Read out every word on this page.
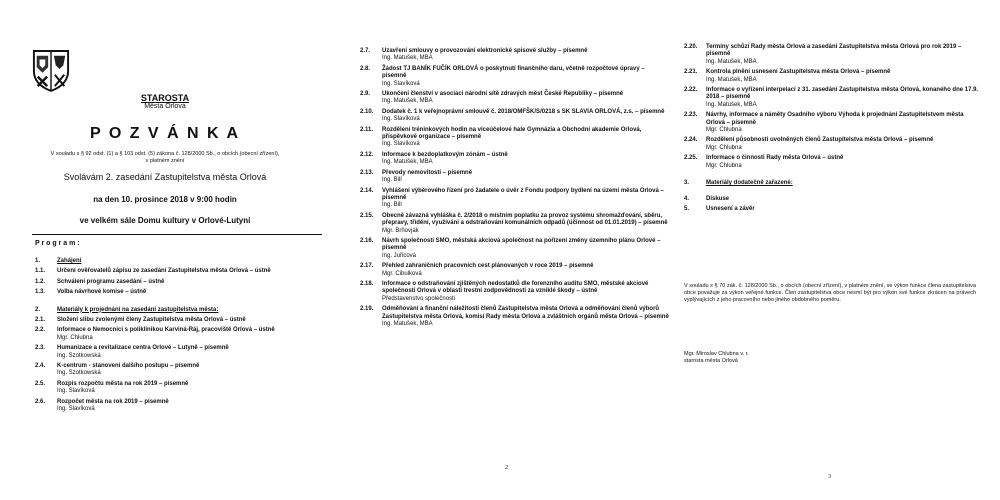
STAROSTA
Města Orlová
P O Z V Á N K A
V souladu s § 92 odst. (1) a § 103 odst. (5) zákona č. 128/2000 Sb., o obcích (obecní zřízení),
v platném znění
Svolávám 2. zasedání Zastupitelstva města Orlová
na den 10. prosince 2018 v 9:00 hodin
ve velkém sále Domu kultury v Orlové-Lutyni
P r o g r a m :
1.	Zahájení
1.1. Určení ověřovatelů zápisu ze zasedání Zastupitelstva města Orlová – ústně
1.2. Schválení programu zasedání – ústně
1.3. Volba návrhové komise – ústně
2.	Materiály k projednání na zasedání zastupitelstva města:
2.1. Složení slibu zvolenými členy Zastupitelstva města Orlová – ústně
2.2. Informace o Nemocnici s poliklinikou Karviná-Ráj, pracoviště Orlová – ústně
Mgr. Chlubna
2.3. Humanizace a revitalizace centra Orlové – Lutyně – písemně
Ing. Szotkowská
2.4. K-centrum - stanovení dalšího postupu – písemně
Ing. Szotkowská
2.5. Rozpis rozpočtu města na rok 2019 – písemně
Ing. Slavíková
2.6. Rozpočet města na rok 2019 – písemně
Ing. Slavíková
2.7. Uzavření smlouvy o provozování elektronické spisové služby – písemně
Ing. Matušek, MBA
2.8. Žádost TJ BANÍK FUČÍK ORLOVÁ o poskytnutí finančního daru, včetně rozpočtové úpravy – písemně
Ing. Slavíková
2.9. Ukončení členství v asociaci národní sítě zdravých měst České Republiky – písemně
Ing. Matušek, MBA
2.10. Dodatek č. 1 k veřejnoprávní smlouvě č. 2018/OMFŠK/S/0218 s SK SLAVIA ORLOVÁ, z.s. – písemně
Ing. Slavíková
2.11. Rozdělení tréninkových hodin na víceúčelové hale Gymnázia a Obchodní akademie Orlová, příspěvkové organizace – písemně
Ing. Slavíková
2.12. Informace k bezdoplatkovým zónám – ústně
Ing. Matušek, MBA
2.13. Převody nemovitostí – písemně
Ing. Bill
2.14. Vyhlášení výběrového řízení pro žadatele o úvěr z Fondu podpory bydlení na území města Orlová – písemně
Ing. Bill
2.15. Obecně závazná vyhláška č. 2/2018 o místním poplatku za provoz systému shromažďování, sběru, přepravy, třídění, využívání a odstraňování komunálních odpadů (účinnost od 01.01.2019) – písemně
Mgr. Brňovják
2.16. Návrh společnosti SMO, městská akciová společnost na pořízení změny územního plánu Orlové – písemně
Ing. Juřicová
2.17. Přehled zahraničních pracovních cest plánovaných v roce 2019 – písemně
Mgr. Cibulková
2.18. Informace o odstraňování zjištěných nedostatků dle forenzního auditu SMO, městské akciové společnosti Orlová v oblasti trestní zodpovědnosti za vzniklé škody – ústně
Představenstvo společnosti
2.19. Odměňování a finanční náležitosti členů Zastupitelstva města Orlová a odměňování členů výborů Zastupitelstva města Orlová, komisí Rady města Orlová a zvláštních orgánů města Orlová – písemně
Ing. Matušek, MBA
2
2.20. Termíny schůzí Rady města Orlová a zasedání Zastupitelstva města Orlová pro rok 2019 – písemně
Ing. Matušek, MBA
2.21. Kontrola plnění usnesení Zastupitelstva města Orlová – písemně
Ing. Matušek, MBA
2.22. Informace o vyřízení interpelací z 31. zasedání Zastupitelstva města Orlová, konaného dne 17.9. 2018 – písemně
Ing. Matušek, MBA
2.23. Návrhy, informace a náměty Osadního výboru Výhoda k projednání Zastupitelstvem města Orlová – písemně
Mgr. Chlubna
2.24. Rozdělení působnosti uvolněných členů Zastupitelstva města Orlová – písemně
Mgr. Chlubna
2.25. Informace o činnosti Rady města Orlová – ústně
Mgr. Chlubna
3.	Materiály dodatečně zařazené:
4.	Diskuse
5.	Usnesení a závěr
V souladu s § 70 zák. č. 128/2000 Sb., o obcích (obecní zřízení), v platném znění, se výkon funkce člena zastupitelstva obce považuje za výkon veřejné funkce. Člen zastupitelstva obce nesmí být pro výkon své funkce zkrácen na právech vyplývajících z jeho pracovního nebo jiného obdobného poměru.
Mgr. Miroslav Chlubna v. r.
starosta města Orlová
3
